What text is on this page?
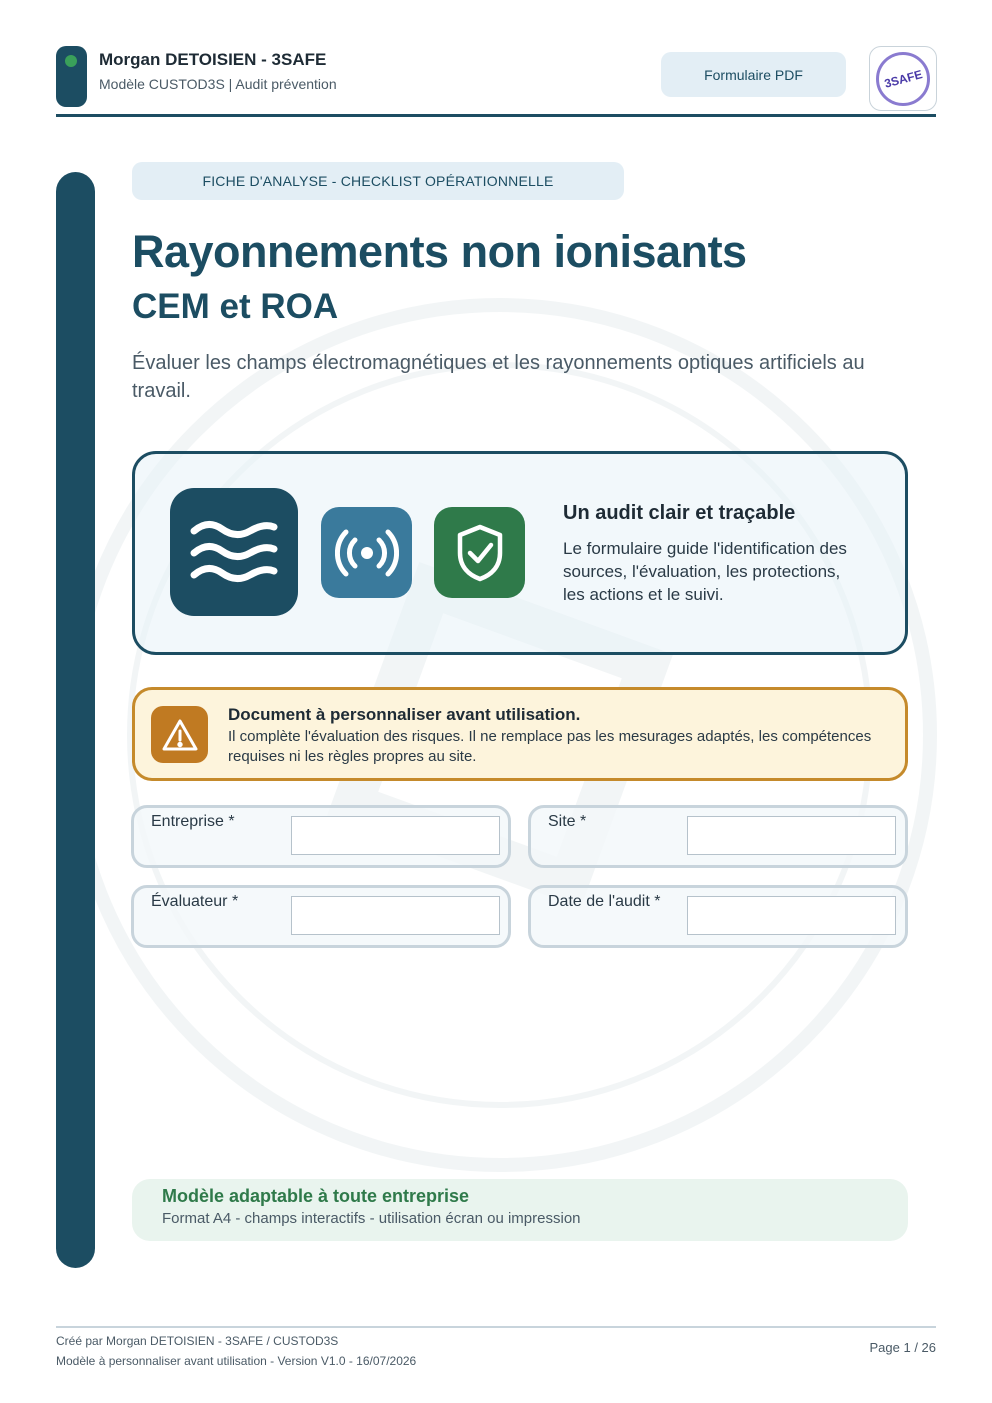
Morgan DETOISIEN - 3SAFE
Modèle CUSTOD3S | Audit prévention
Formulaire PDF	3SAFE
FICHE D'ANALYSE - CHECKLIST OPÉRATIONNELLE
Rayonnements non ionisants
CEM et ROA

Évaluer les champs électromagnétiques et les rayonnements optiques artificiels au travail.

Un audit clair et traçable

Le formulaire guide l'identification des sources, l'évaluation, les protections, les actions et le suivi.

Document à personnaliser avant utilisation.

Il complète l'évaluation des risques. Il ne remplace pas les mesurages adaptés, les compétences requises ni les règles propres au site.

Entreprise *	Site *
Évaluateur *	Date de l'audit *
Modèle adaptable à toute entreprise
Format A4 - champs interactifs - utilisation écran ou impression
Créé par Morgan DETOISIEN - 3SAFE / CUSTOD3S
Modèle à personnaliser avant utilisation - Version V1.0 - 16/07/2026
Page 1 / 26
